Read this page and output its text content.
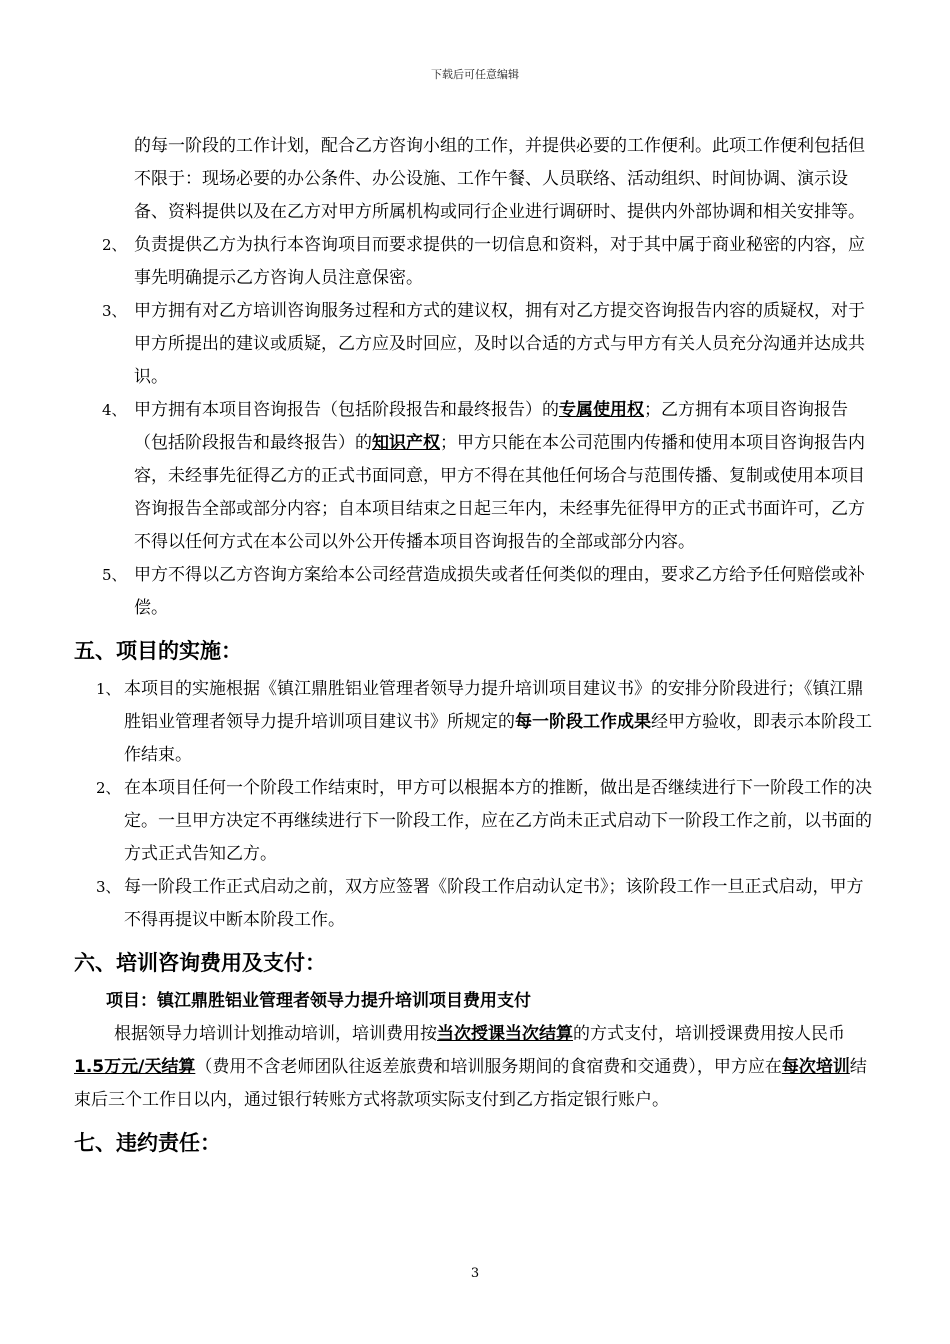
下载后可任意编辑

的每一阶段的工作计划，配合乙方咨询小组的工作，并提供必要的工作便利。此项工作便利包括但不限于：现场必要的办公条件、办公设施、工作午餐、人员联络、活动组织、时间协调、演示设备、资料提供以及在乙方对甲方所属机构或同行企业进行调研时、提供内外部协调和相关安排等。

2、 负责提供乙方为执行本咨询项目而要求提供的一切信息和资料，对于其中属于商业秘密的内容，应事先明确提示乙方咨询人员注意保密。

3、 甲方拥有对乙方培训咨询服务过程和方式的建议权，拥有对乙方提交咨询报告内容的质疑权，对于甲方所提出的建议或质疑，乙方应及时回应，及时以合适的方式与甲方有关人员充分沟通并达成共识。

4、 甲方拥有本项目咨询报告（包括阶段报告和最终报告）的专属使用权；乙方拥有本项目咨询报告（包括阶段报告和最终报告）的知识产权；甲方只能在本公司范围内传播和使用本项目咨询报告内容，未经事先征得乙方的正式书面同意，甲方不得在其他任何场合与范围传播、复制或使用本项目咨询报告全部或部分内容；自本项目结束之日起三年内，未经事先征得甲方的正式书面许可，乙方不得以任何方式在本公司以外公开传播本项目咨询报告的全部或部分内容。

5、 甲方不得以乙方咨询方案给本公司经营造成损失或者任何类似的理由，要求乙方给予任何赔偿或补偿。

五、项目的实施：

1、 本项目的实施根据《镇江鼎胜铝业管理者领导力提升培训项目建议书》的安排分阶段进行；《镇江鼎胜铝业管理者领导力提升培训项目建议书》所规定的每一阶段工作成果经甲方验收，即表示本阶段工作结束。

2、 在本项目任何一个阶段工作结束时，甲方可以根据本方的推断，做出是否继续进行下一阶段工作的决定。一旦甲方决定不再继续进行下一阶段工作，应在乙方尚未正式启动下一阶段工作之前，以书面的方式正式告知乙方。

3、 每一阶段工作正式启动之前，双方应签署《阶段工作启动认定书》；该阶段工作一旦正式启动，甲方不得再提议中断本阶段工作。

六、培训咨询费用及支付：

项目：镇江鼎胜铝业管理者领导力提升培训项目费用支付

根据领导力培训计划推动培训，培训费用按当次授课当次结算的方式支付，培训授课费用按人民币1.5万元/天结算（费用不含老师团队往返差旅费和培训服务期间的食宿费和交通费），甲方应在每次培训结束后三个工作日以内，通过银行转账方式将款项实际支付到乙方指定银行账户。

七、违约责任：
3
